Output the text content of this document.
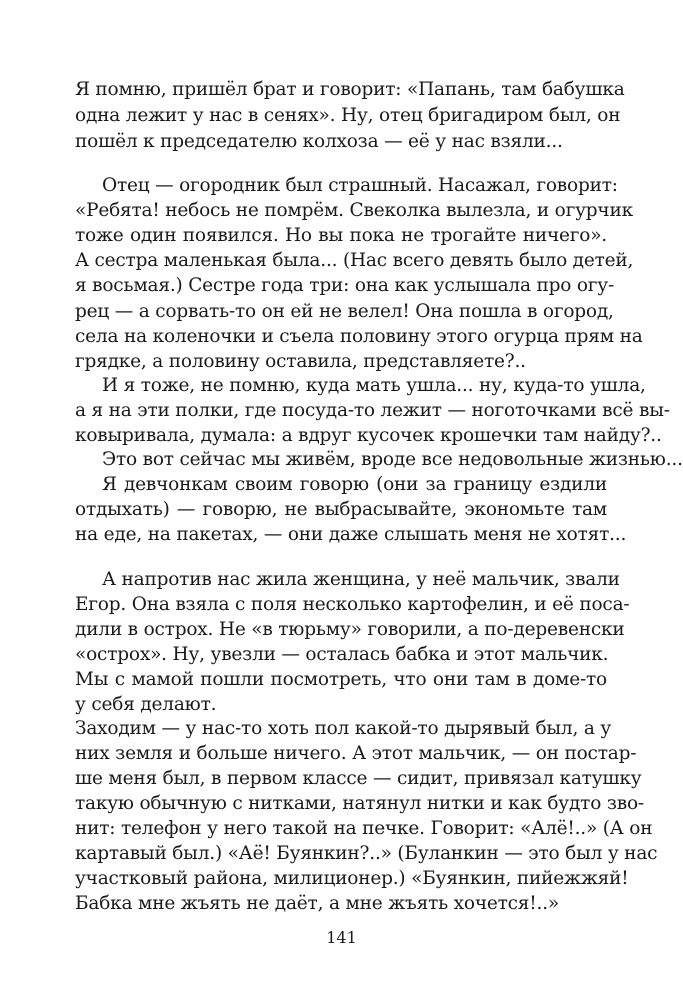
Я помню, пришёл брат и говорит: «Папань, там бабушка
одна лежит у нас в сенях». Ну, отец бригадиром был, он
пошёл к председателю колхоза — её у нас взяли...
Отец — огородник был страшный. Насажал, говорит:
«Ребята! небось не помрём. Свеколка вылезла, и огурчик
тоже один появился. Но вы пока не трогайте ничего».
А сестра маленькая была... (Нас всего девять было детей,
я восьмая.) Сестре года три: она как услышала про огу-
рец — а сорвать-то он ей не велел! Она пошла в огород,
села на коленочки и съела половину этого огурца прям на
грядке, а половину оставила, представляете?..
И я тоже, не помню, куда мать ушла... ну, куда-то ушла,
а я на эти полки, где посуда-то лежит — ноготочками всё вы-
ковыривала, думала: а вдруг кусочек крошечки там найду?..
Это вот сейчас мы живём, вроде все недовольные жизнью...
Я девчонкам своим говорю (они за границу ездили
отдыхать) — говорю, не выбрасывайте, экономьте там
на еде, на пакетах, — они даже слышать меня не хотят...
А напротив нас жила женщина, у неё мальчик, звали
Егор. Она взяла с поля несколько картофелин, и её поса-
дили в острох. Не «в тюрьму» говорили, а по-деревенски
«острох». Ну, увезли — осталась бабка и этот мальчик.
Мы с мамой пошли посмотреть, что они там в доме-то
у себя делают.
Заходим — у нас-то хоть пол какой-то дырявый был, а у
них земля и больше ничего. А этот мальчик, — он постар-
ше меня был, в первом классе — сидит, привязал катушку
такую обычную с нитками, натянул нитки и как будто зво-
нит: телефон у него такой на печке. Говорит: «Алё!..» (А он
картавый был.) «Аё! Буянкин?..» (Буланкин — это был у нас
участковый района, милиционер.) «Буянкин, пийежжяй!
Бабка мне жъять не даёт, а мне жъять хочется!..»
141
